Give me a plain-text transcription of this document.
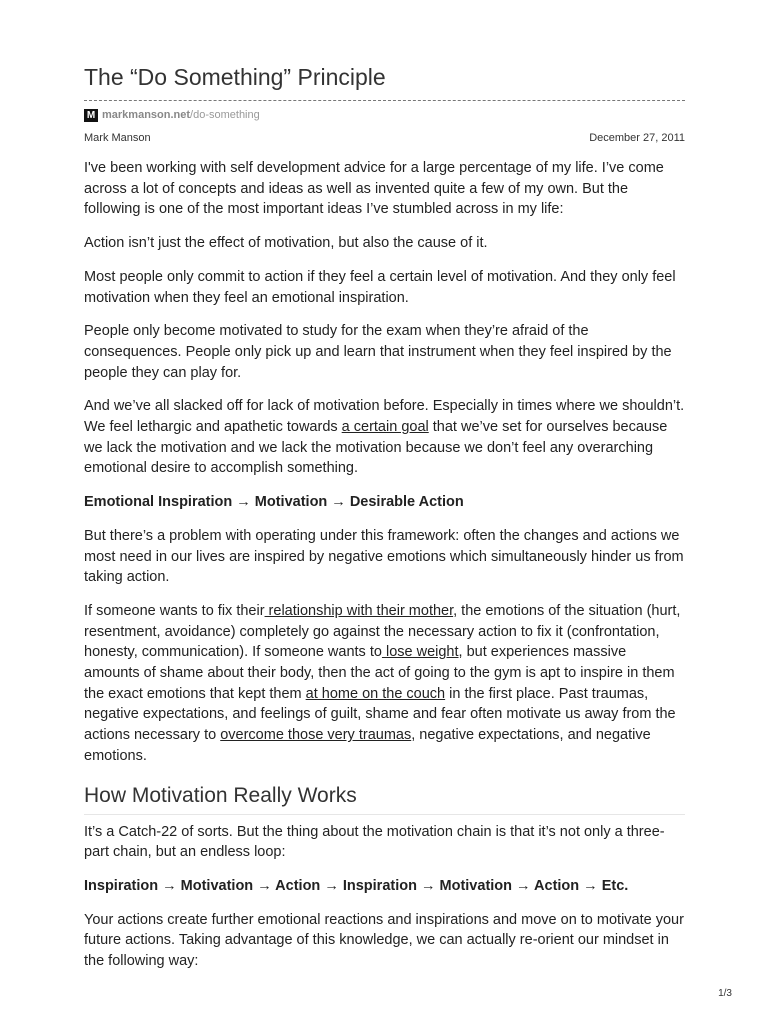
The “Do Something” Principle
M markmanson.net /do-something
Mark Manson	December 27, 2011

I've been working with self development advice for a large percentage of my life. I’ve come across a lot of concepts and ideas as well as invented quite a few of my own. But the following is one of the most important ideas I’ve stumbled across in my life:

Action isn’t just the effect of motivation, but also the cause of it.

Most people only commit to action if they feel a certain level of motivation. And they only feel motivation when they feel an emotional inspiration.

People only become motivated to study for the exam when they’re afraid of the consequences. People only pick up and learn that instrument when they feel inspired by the people they can play for.

And we’ve all slacked off for lack of motivation before. Especially in times where we shouldn’t. We feel lethargic and apathetic towards a certain goal that we’ve set for ourselves because we lack the motivation and we lack the motivation because we don’t feel any overarching emotional desire to accomplish something.

Emotional Inspiration → Motivation → Desirable Action

But there’s a problem with operating under this framework: often the changes and actions we most need in our lives are inspired by negative emotions which simultaneously hinder us from taking action.

If someone wants to fix their relationship with their mother, the emotions of the situation (hurt, resentment, avoidance) completely go against the necessary action to fix it (confrontation, honesty, communication). If someone wants to lose weight, but experiences massive amounts of shame about their body, then the act of going to the gym is apt to inspire in them the exact emotions that kept them at home on the couch in the first place. Past traumas, negative expectations, and feelings of guilt, shame and fear often motivate us away from the actions necessary to overcome those very traumas, negative expectations, and negative emotions.

How Motivation Really Works

It’s a Catch-22 of sorts. But the thing about the motivation chain is that it’s not only a three-part chain, but an endless loop:

Inspiration → Motivation → Action → Inspiration → Motivation → Action → Etc.

Your actions create further emotional reactions and inspirations and move on to motivate your future actions. Taking advantage of this knowledge, we can actually re-orient our mindset in the following way:

1/3
